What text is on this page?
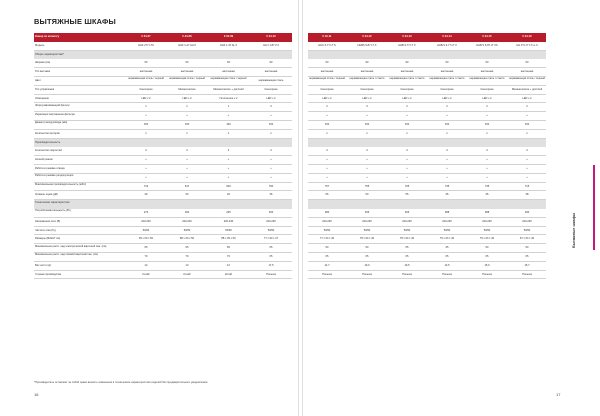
ВЫТЯЖНЫЕ ШКАФЫ
Номер по каталогу	F-01-07	F-01-08	F-01-09	F-01-10
Модель	HHF 277 LTS	HHF 1-47 AH 0	HHF 1-37 AL 0	HH C 187 Z 0
Общие характеристики*
Ширина (см)	60	60	45	90
Тип вытяжки	настенная	настенная	настенная	настенная
Цвет	нержавеющая сталь / черный	нержавеющая сталь / черный	нержавеющая сталь / черный	нержавеющая сталь
Тип управления	Сенсорное	Механическое	Механическое + дисплей	Сенсорное
Освещение	LED x 2	LED x 2	Галогенное x 2	LED x 2
Жироулавливающий фильтр	1	1	1	3
Индикация загрязнения фильтра	+	+	+	+
Диаметр воздуховода (мм)	150	150	150	150
Количество моторов	1	1	1	1
Производительность
Количество скоростей	3	3	3	3
Ночной режим	+	+	+	+
Работа в режиме отвода	+	+	+	+
Работа в режиме рециркуляции	+	+	+	+
Максимальная производительность (м3/ч)	710	647	600	790
Уровень шума (дБ)	49	60	46	36
Технические характеристики
Потребляемая мощность (Вт)	270	260	235	300
Напряжение сети (В)	220-240	220-240	220-240	220-240
Частота тока (Гц)	50/60	50/60	50/60	50/60
Размеры (ВxШxГ см)	95 x 60 x 50	88 x 60 x 50	88 x 45 x 50	77 x 90 x 47
Минимальное расст. над электрической варочной пан. (см)	65	65	65	65
Минимальное расст. над газовой варочной пан. (см)	70	70	70	65
Вес нетто (кг)	14	13	12	17,5
Страна производства	Китай	Китай	Китай	Польша
F-01-11	F-01-12	F-01-13	F-01-14	F-01-15	F-01-16
HHC 6-77 LT S	HHBS 9-87 LT X	HHB 9-77 LT X	HHB S 6-77 LT X	HHB S 6-87 LT XS	HH P 6-77 LT LL 0
60	90	90	60	60	60
настенная	настенная	настенная	настенная	настенная	настенная
нержавеющая сталь / черный	нержавеющая сталь / стекло	нержавеющая сталь / стекло	нержавеющая сталь / стекло	нержавеющая сталь / стекло	нержавеющая сталь / черный
Сенсорное	Сенсорное	Сенсорное	Сенсорное	Сенсорное	Механическое + дисплей
LED x 2	LED x 2	LED x 2	LED x 2	LED x 2	LED x 2
2	3	2	2	2	2
+	+	+	+	+	+
150	150	150	150	150	150
1	1	1	1	1	1
3	3	3	3	3	3
+	+	+	+	+	+
+	+	+	+	+	+
+	+	+	+	+	+
757	755	705	735	735	715
56	53	55	35	35	38
280	305	265	288	288	290
220-240	220-240	220-240	220-240	220-240	220-240
50/60	50/60	50/60	50/60	50/60	50/60
77 x 60 x 45	78 x 90 x 45	78 x 90 x 45	79 x 60 x 45	79 x 60 x 45	67 x 60 x 45
50	50	55	45	50	50
65	65	65	65	65	65
14,7	19,0	19,5	13,5	15,0	15,7
Польша	Польша	Польша	Польша	Польша	Польша
Вытяжные шкафы
*Производитель оставляет за собой право вносить изменения в технические характеристики изделий без предварительного уведомления.
16	17
